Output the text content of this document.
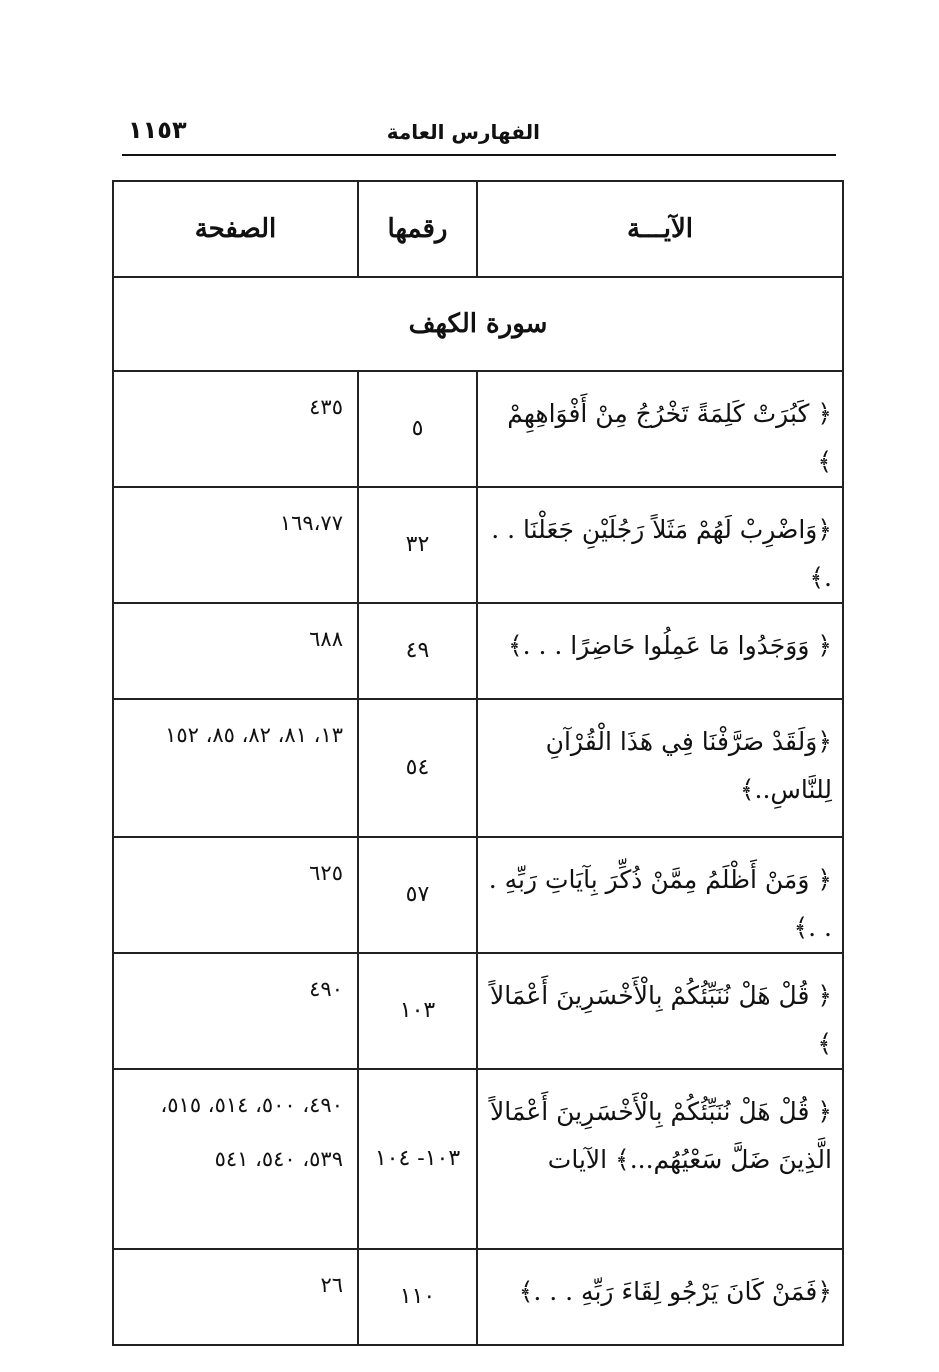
الفهارس العامة
١١٥٣
الآيـــة	رقمها	الصفحة
سورة الكهف		
﴿ كَبُرَتْ كَلِمَةً تَخْرُجُ مِنْ أَفْوَاهِهِمْ ﴾	٥	٤٣٥
﴿وَاضْرِبْ لَهُمْ مَثَلاً رَجُلَيْنِ جَعَلْنَا . . .﴾	٣٢	١٦٩،٧٧
﴿ وَوَجَدُوا مَا عَمِلُوا حَاضِرًا . . .﴾	٤٩	٦٨٨
﴿وَلَقَدْ صَرَّفْنَا فِي هَذَا الْقُرْآنِ لِلنَّاسِ..﴾	٥٤	١٣، ٨١، ٨٢، ٨٥، ١٥٢
﴿ وَمَنْ أَظْلَمُ مِمَّنْ ذُكِّرَ بِآيَاتِ رَبِّهِ . . .﴾	٥٧	٦٢٥
﴿ قُلْ هَلْ نُنَبِّئُكُمْ بِالْأَخْسَرِينَ أَعْمَالاً ﴾	١٠٣	٤٩٠
﴿ قُلْ هَلْ نُنَبِّئُكُمْ بِالْأَخْسَرِينَ أَعْمَالاً الَّذِينَ ضَلَّ سَعْيُهُم...﴾ الآيات	١٠٣- ١٠٤	٤٩٠، ٥٠٠، ٥١٤، ٥١٥، ٥٣٩، ٥٤٠، ٥٤١
﴿فَمَنْ كَانَ يَرْجُو لِقَاءَ رَبِّهِ . . .﴾	١١٠	٢٦
